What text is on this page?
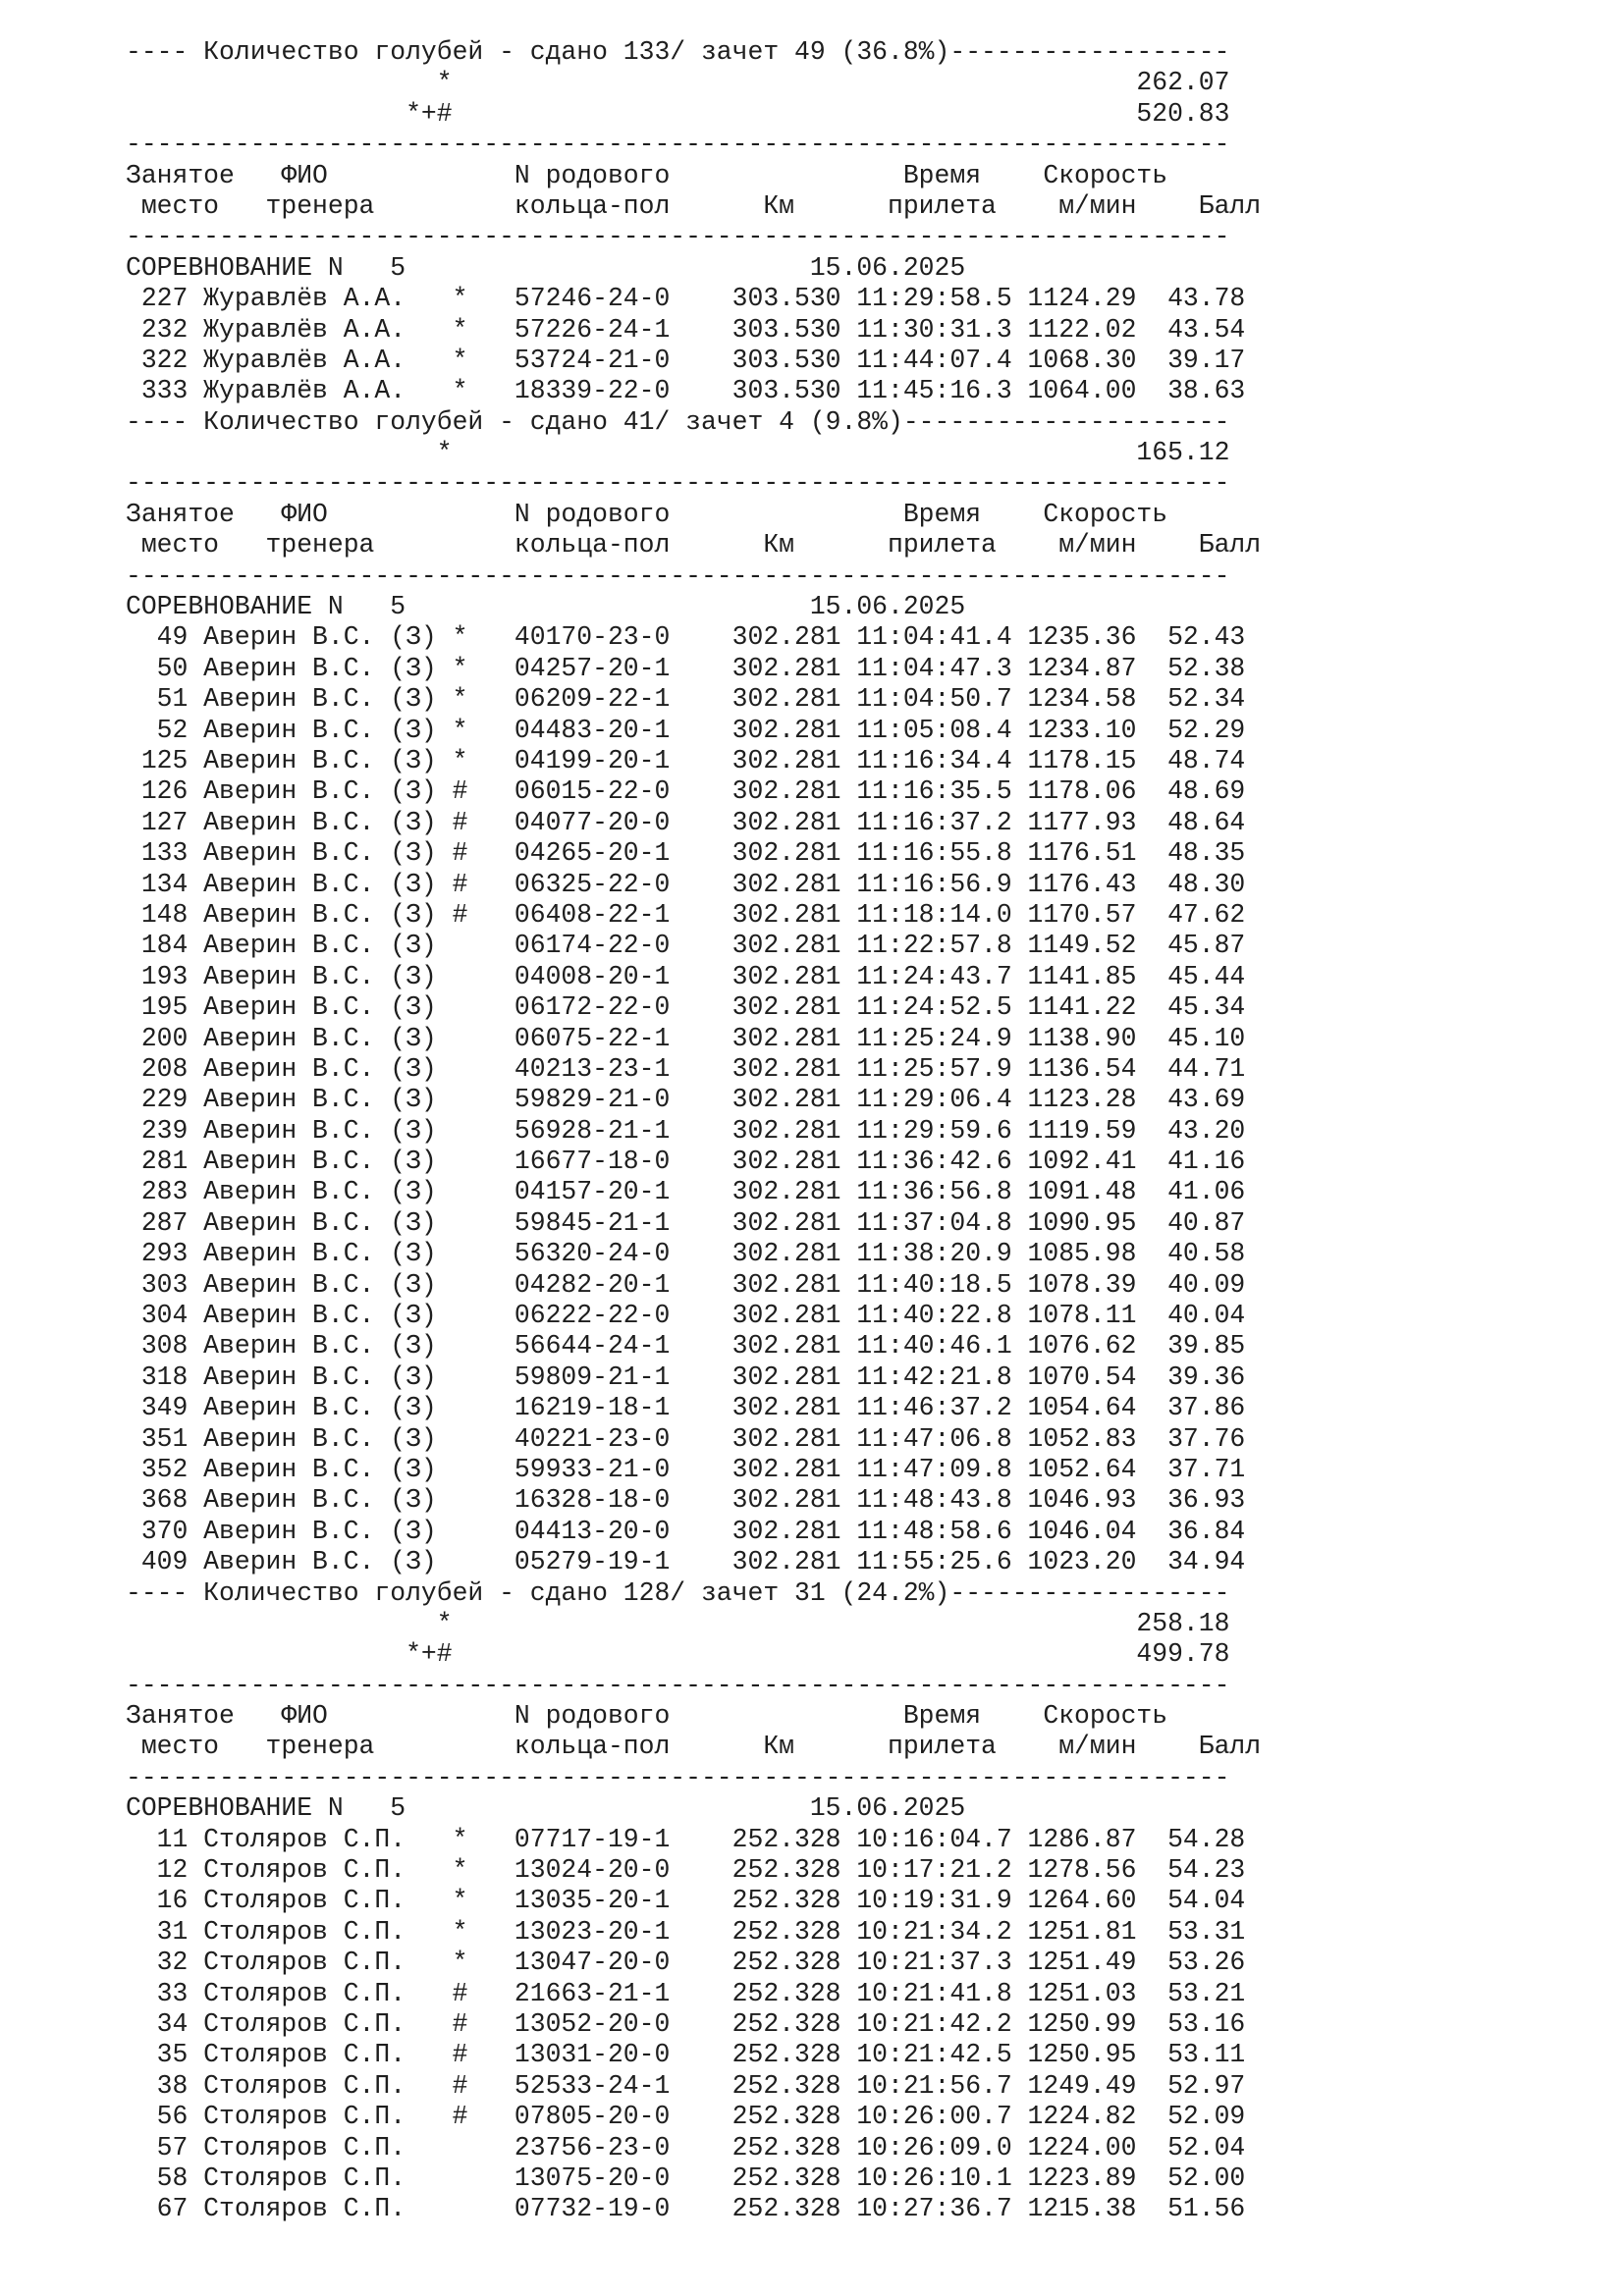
---- Количество голубей - сдано 133/ зачет 49 (36.8%)------------------
*                                            262.07
*+#                                            520.83
-----------------------------------------------------------------------
Занятое   ФИО            N родового               Время    Скорость
место   тренера         кольца-пол      Км      прилета    м/мин    Балл
-----------------------------------------------------------------------
СОРЕВНОВАНИЕ N   5                          15.06.2025
227 Журавлёв А.А.   *   57246-24-0    303.530 11:29:58.5 1124.29  43.78
232 Журавлёв А.А.   *   57226-24-1    303.530 11:30:31.3 1122.02  43.54
322 Журавлёв А.А.   *   53724-21-0    303.530 11:44:07.4 1068.30  39.17
333 Журавлёв А.А.   *   18339-22-0    303.530 11:45:16.3 1064.00  38.63
---- Количество голубей - сдано 41/ зачет 4 (9.8%)---------------------
*                                            165.12
-----------------------------------------------------------------------
Занятое   ФИО            N родового               Время    Скорость
место   тренера         кольца-пол      Км      прилета    м/мин    Балл
-----------------------------------------------------------------------
СОРЕВНОВАНИЕ N   5                          15.06.2025
49 Аверин В.С. (З) *   40170-23-0    302.281 11:04:41.4 1235.36  52.43
50 Аверин В.С. (З) *   04257-20-1    302.281 11:04:47.3 1234.87  52.38
51 Аверин В.С. (З) *   06209-22-1    302.281 11:04:50.7 1234.58  52.34
52 Аверин В.С. (З) *   04483-20-1    302.281 11:05:08.4 1233.10  52.29
125 Аверин В.С. (З) *   04199-20-1    302.281 11:16:34.4 1178.15  48.74
126 Аверин В.С. (З) #   06015-22-0    302.281 11:16:35.5 1178.06  48.69
127 Аверин В.С. (З) #   04077-20-0    302.281 11:16:37.2 1177.93  48.64
133 Аверин В.С. (З) #   04265-20-1    302.281 11:16:55.8 1176.51  48.35
134 Аверин В.С. (З) #   06325-22-0    302.281 11:16:56.9 1176.43  48.30
148 Аверин В.С. (З) #   06408-22-1    302.281 11:18:14.0 1170.57  47.62
184 Аверин В.С. (З)     06174-22-0    302.281 11:22:57.8 1149.52  45.87
193 Аверин В.С. (З)     04008-20-1    302.281 11:24:43.7 1141.85  45.44
195 Аверин В.С. (З)     06172-22-0    302.281 11:24:52.5 1141.22  45.34
200 Аверин В.С. (З)     06075-22-1    302.281 11:25:24.9 1138.90  45.10
208 Аверин В.С. (З)     40213-23-1    302.281 11:25:57.9 1136.54  44.71
229 Аверин В.С. (З)     59829-21-0    302.281 11:29:06.4 1123.28  43.69
239 Аверин В.С. (З)     56928-21-1    302.281 11:29:59.6 1119.59  43.20
281 Аверин В.С. (З)     16677-18-0    302.281 11:36:42.6 1092.41  41.16
283 Аверин В.С. (З)     04157-20-1    302.281 11:36:56.8 1091.48  41.06
287 Аверин В.С. (З)     59845-21-1    302.281 11:37:04.8 1090.95  40.87
293 Аверин В.С. (З)     56320-24-0    302.281 11:38:20.9 1085.98  40.58
303 Аверин В.С. (З)     04282-20-1    302.281 11:40:18.5 1078.39  40.09
304 Аверин В.С. (З)     06222-22-0    302.281 11:40:22.8 1078.11  40.04
308 Аверин В.С. (З)     56644-24-1    302.281 11:40:46.1 1076.62  39.85
318 Аверин В.С. (З)     59809-21-1    302.281 11:42:21.8 1070.54  39.36
349 Аверин В.С. (З)     16219-18-1    302.281 11:46:37.2 1054.64  37.86
351 Аверин В.С. (З)     40221-23-0    302.281 11:47:06.8 1052.83  37.76
352 Аверин В.С. (З)     59933-21-0    302.281 11:47:09.8 1052.64  37.71
368 Аверин В.С. (З)     16328-18-0    302.281 11:48:43.8 1046.93  36.93
370 Аверин В.С. (З)     04413-20-0    302.281 11:48:58.6 1046.04  36.84
409 Аверин В.С. (З)     05279-19-1    302.281 11:55:25.6 1023.20  34.94
---- Количество голубей - сдано 128/ зачет 31 (24.2%)------------------
*                                            258.18
*+#                                            499.78
-----------------------------------------------------------------------
Занятое   ФИО            N родового               Время    Скорость
место   тренера         кольца-пол      Км      прилета    м/мин    Балл
-----------------------------------------------------------------------
СОРЕВНОВАНИЕ N   5                          15.06.2025
11 Столяров С.П.   *   07717-19-1    252.328 10:16:04.7 1286.87  54.28
12 Столяров С.П.   *   13024-20-0    252.328 10:17:21.2 1278.56  54.23
16 Столяров С.П.   *   13035-20-1    252.328 10:19:31.9 1264.60  54.04
31 Столяров С.П.   *   13023-20-1    252.328 10:21:34.2 1251.81  53.31
32 Столяров С.П.   *   13047-20-0    252.328 10:21:37.3 1251.49  53.26
33 Столяров С.П.   #   21663-21-1    252.328 10:21:41.8 1251.03  53.21
34 Столяров С.П.   #   13052-20-0    252.328 10:21:42.2 1250.99  53.16
35 Столяров С.П.   #   13031-20-0    252.328 10:21:42.5 1250.95  53.11
38 Столяров С.П.   #   52533-24-1    252.328 10:21:56.7 1249.49  52.97
56 Столяров С.П.   #   07805-20-0    252.328 10:26:00.7 1224.82  52.09
57 Столяров С.П.       23756-23-0    252.328 10:26:09.0 1224.00  52.04
58 Столяров С.П.       13075-20-0    252.328 10:26:10.1 1223.89  52.00
67 Столяров С.П.       07732-19-0    252.328 10:27:36.7 1215.38  51.56
